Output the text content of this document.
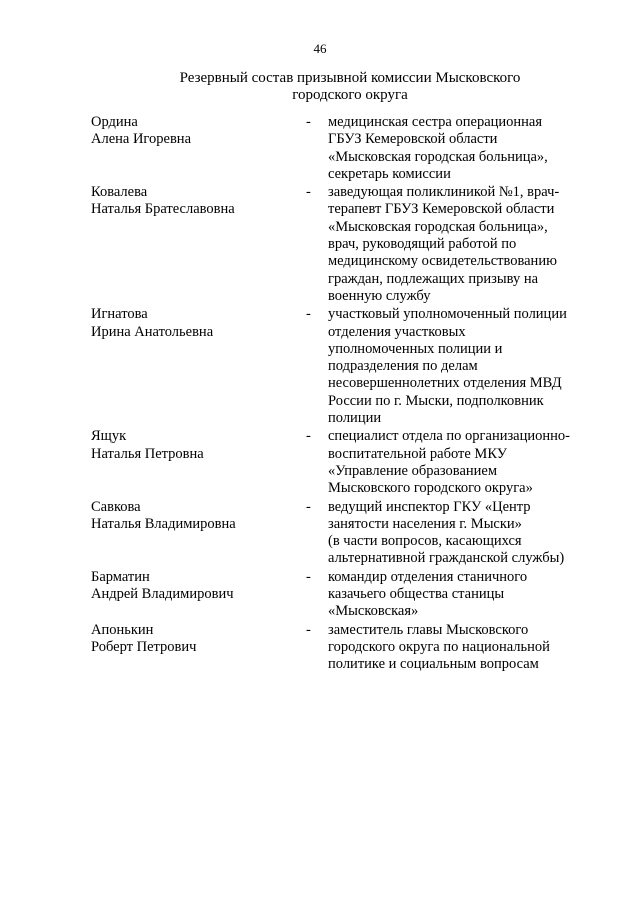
46
Резервный состав призывной комиссии Мысковского
городского округа
Ордина
Алена Игоревна
-	медицинская сестра операционная
ГБУЗ Кемеровской области
«Мысковская городская больница»,
секретарь комиссии
Ковалева
Наталья Братеславовна
-	заведующая поликлиникой №1, врач-
терапевт ГБУЗ Кемеровской области
«Мысковская городская больница»,
врач, руководящий работой по
медицинскому освидетельствованию
граждан, подлежащих призыву на
военную службу
Игнатова
Ирина Анатольевна
-	участковый уполномоченный полиции
отделения участковых
уполномоченных полиции и
подразделения по делам
несовершеннолетних отделения МВД
России по г. Мыски, подполковник
полиции
Ящук
Наталья Петровна
-	специалист отдела по организационно-
воспитательной работе МКУ
«Управление образованием
Мысковского городского округа»
Савкова
Наталья Владимировна
-	ведущий инспектор ГКУ «Центр
занятости населения г. Мыски»
(в части вопросов, касающихся
альтернативной гражданской службы)
Барматин
Андрей Владимирович
-	командир отделения станичного
казачьего общества станицы
«Мысковская»
Апонькин
Роберт Петрович
-	заместитель главы Мысковского
городского округа по национальной
политике и социальным вопросам
